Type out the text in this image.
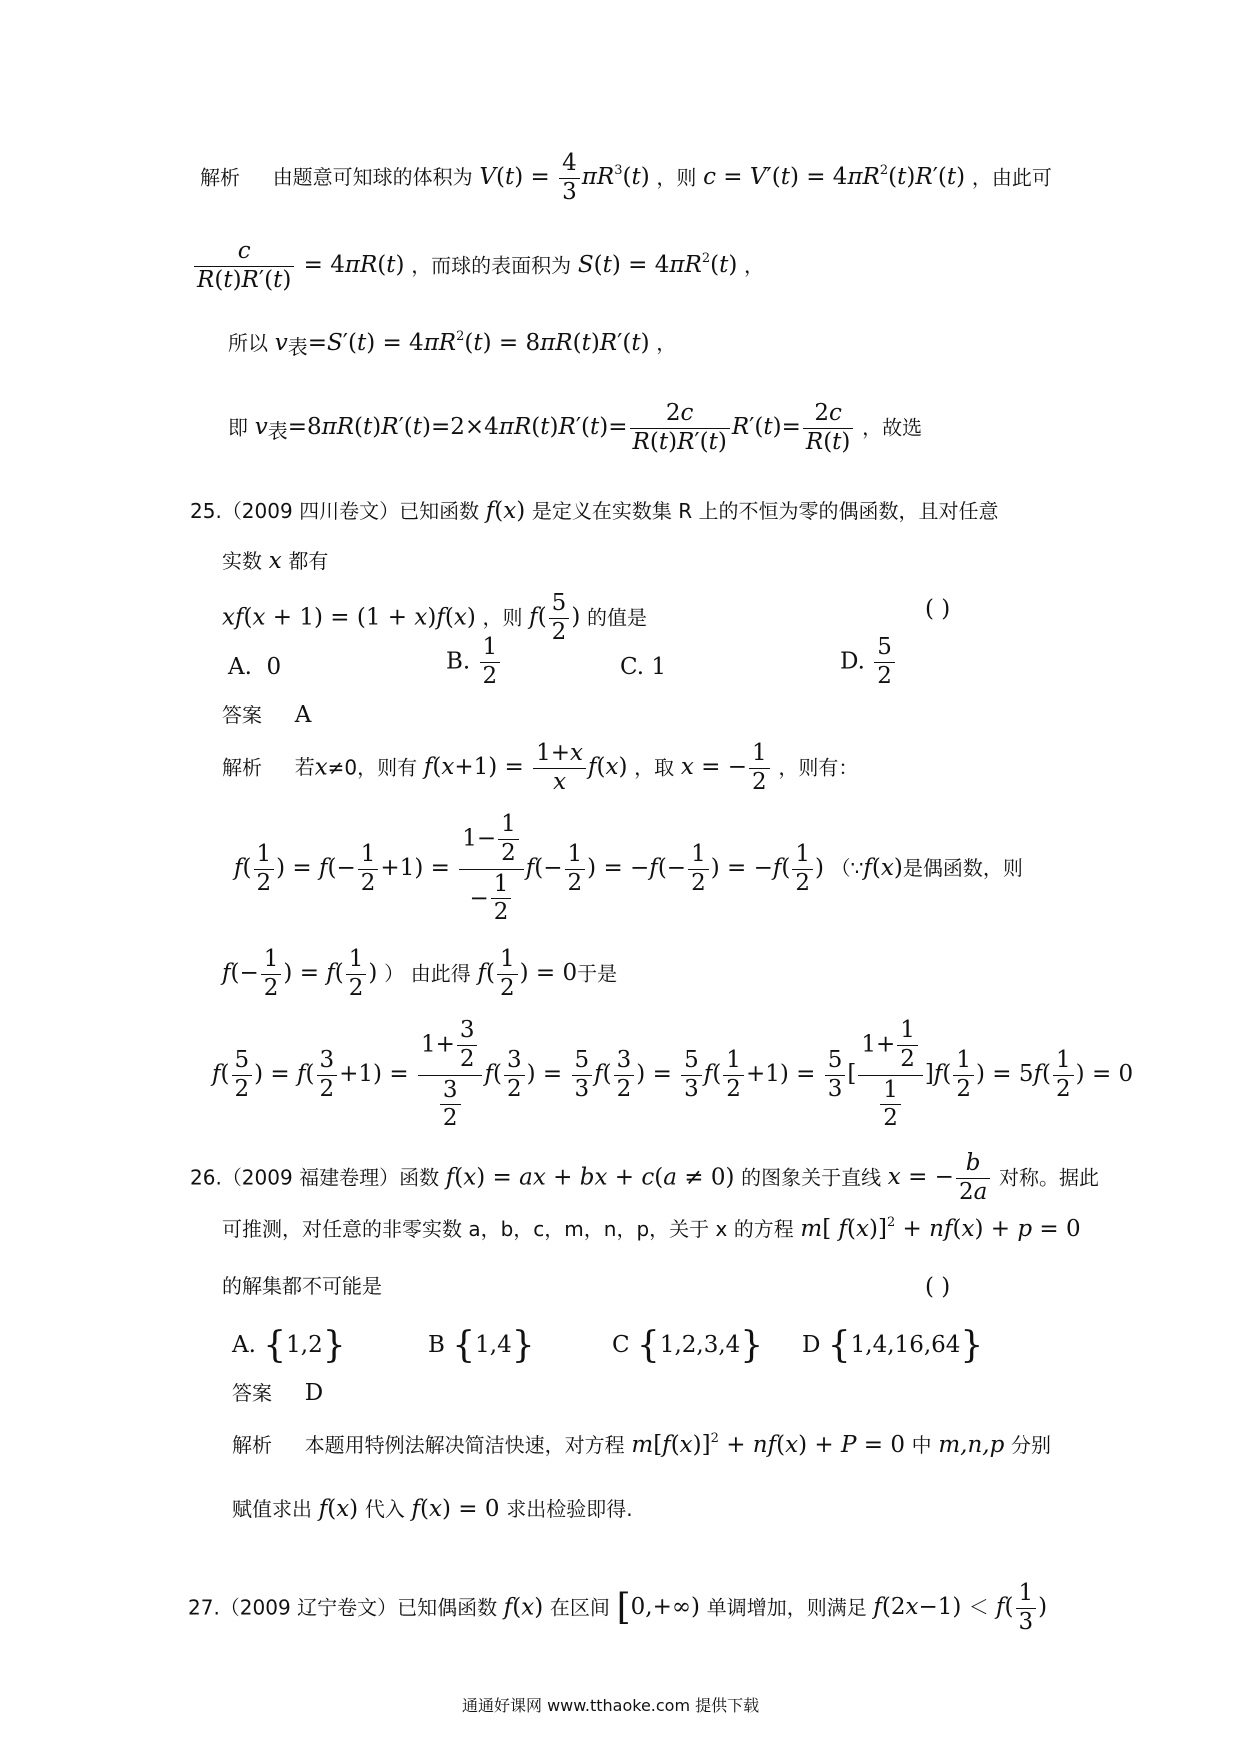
解析 由题意可知球的体积为 $V(t) = \frac{4}{3} \pi R^3(t)$ ，则 $c = V'(t) = 4\pi R^2(t)R'(t)$ ，由此可
$\frac{c}{R(t)R'(t)} = 4\pi R(t)$ ，而球的表面积为 $S(t) = 4\pi R^2(t)$ ，
所以 $v_表=S'(t) = 4\pi R^2(t) = 8\pi R(t)R'(t)$ ，
即 $v_表=8\pi R(t)R'(t)=2\times 4\pi R(t)R'(t)= \frac{2c}{R(t)R'(t)} R'(t)= \frac{2c}{R(t)}$ ，故选
25.（2009 四川卷文）已知函数 f(x) 是定义在实数集 R 上的不恒为零的偶函数，且对任意
实数 x 都有
xf(x + 1) = (1 + x)f(x) ，则 $f( \frac{5}{2}$ ) 的值是	( )
A. 0	B. $\frac{1}{2}$	C. 1	D. $\frac{5}{2}$
答案 A
解析 若x≠0，则有 $f(x+1) = \frac{1+x}{x} f(x)$ ，取 x = − $\frac{1}{2}$ ，则有：
$f( \frac{1}{2}$ ) = $f(- \frac{1}{2} +1) = \frac{1- \frac{1}{2}}{- \frac{1}{2}} f(- \frac{1}{2}$ ) = $-f(- \frac{1}{2}$ ) = $-f( \frac{1}{2}$ ) （∵f(x)是偶函数，则
$f(- \frac{1}{2}$ ) = $f( \frac{1}{2}$ ) ） 由此得 $f( \frac{1}{2}$ ) = 0于是
$f( \frac{5}{2}$ ) = $f( \frac{3}{2} +1) = \frac{1+ \frac{3}{2}}{\frac{3}{2}} f( \frac{3}{2}$ ) = $\frac{5}{3} f( \frac{3}{2}$ ) = $\frac{5}{3} f( \frac{1}{2} +1) = \frac{5}{3}$ [ $\frac{1+ \frac{1}{2}}{\frac{1}{2}} ]f( \frac{1}{2}$ ) = $5f( \frac{1}{2}$ ) = 0
26.（2009 福建卷理）函数 f(x) = ax + bx + c(a ≠ 0) 的图象关于直线 x = − $\frac{b}{2a}$ 对称。据此
可推测，对任意的非零实数 a，b，c，m，n，p，关于 x 的方程 m[ f(x)]$^2$ + nf(x) + p = 0
的解集都不可能是	( )
A. {1,2}	B {1,4}	C {1,2,3,4} D {1,4,16,64}
答案 D
解析 本题用特例法解决简洁快速，对方程 $m[f(x)]^2 + nf(x) + P = 0$ 中 m,n,p 分别
赋值求出 f(x) 代入 f(x) = 0 求出检验即得.
27.（2009 辽宁卷文）已知偶函数 f(x) 在区间 [0,+∞) 单调增加，则满足 $f(2x-1) < f( \frac{1}{3}$ )
通通好课网 www.tthaoke.com 提供下载
